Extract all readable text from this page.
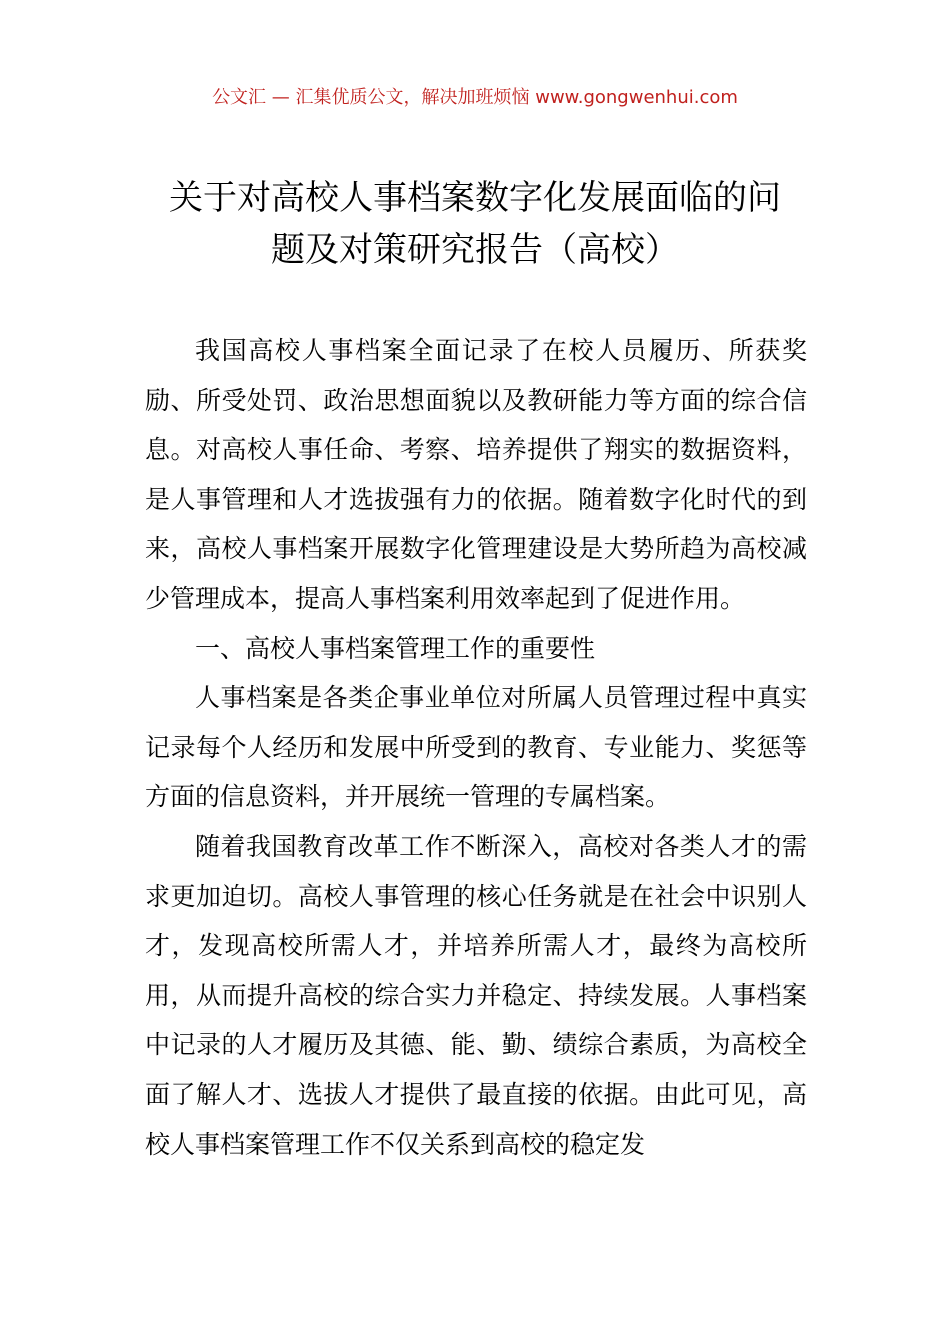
公文汇 — 汇集优质公文，解决加班烦恼 www.gongwenhui.com
关于对高校人事档案数字化发展面临的问
题及对策研究报告（高校）

我国高校人事档案全面记录了在校人员履历、所获奖励、所受处罚、政治思想面貌以及教研能力等方面的综合信息。对高校人事任命、考察、培养提供了翔实的数据资料，是人事管理和人才选拔强有力的依据。随着数字化时代的到来，高校人事档案开展数字化管理建设是大势所趋为高校减少管理成本，提高人事档案利用效率起到了促进作用。

一、高校人事档案管理工作的重要性

人事档案是各类企事业单位对所属人员管理过程中真实记录每个人经历和发展中所受到的教育、专业能力、奖惩等方面的信息资料，并开展统一管理的专属档案。

随着我国教育改革工作不断深入，高校对各类人才的需求更加迫切。高校人事管理的核心任务就是在社会中识别人才，发现高校所需人才，并培养所需人才，最终为高校所用，从而提升高校的综合实力并稳定、持续发展。人事档案中记录的人才履历及其德、能、勤、绩综合素质，为高校全面了解人才、选拔人才提供了最直接的依据。由此可见，高校人事档案管理工作不仅关系到高校的稳定发
